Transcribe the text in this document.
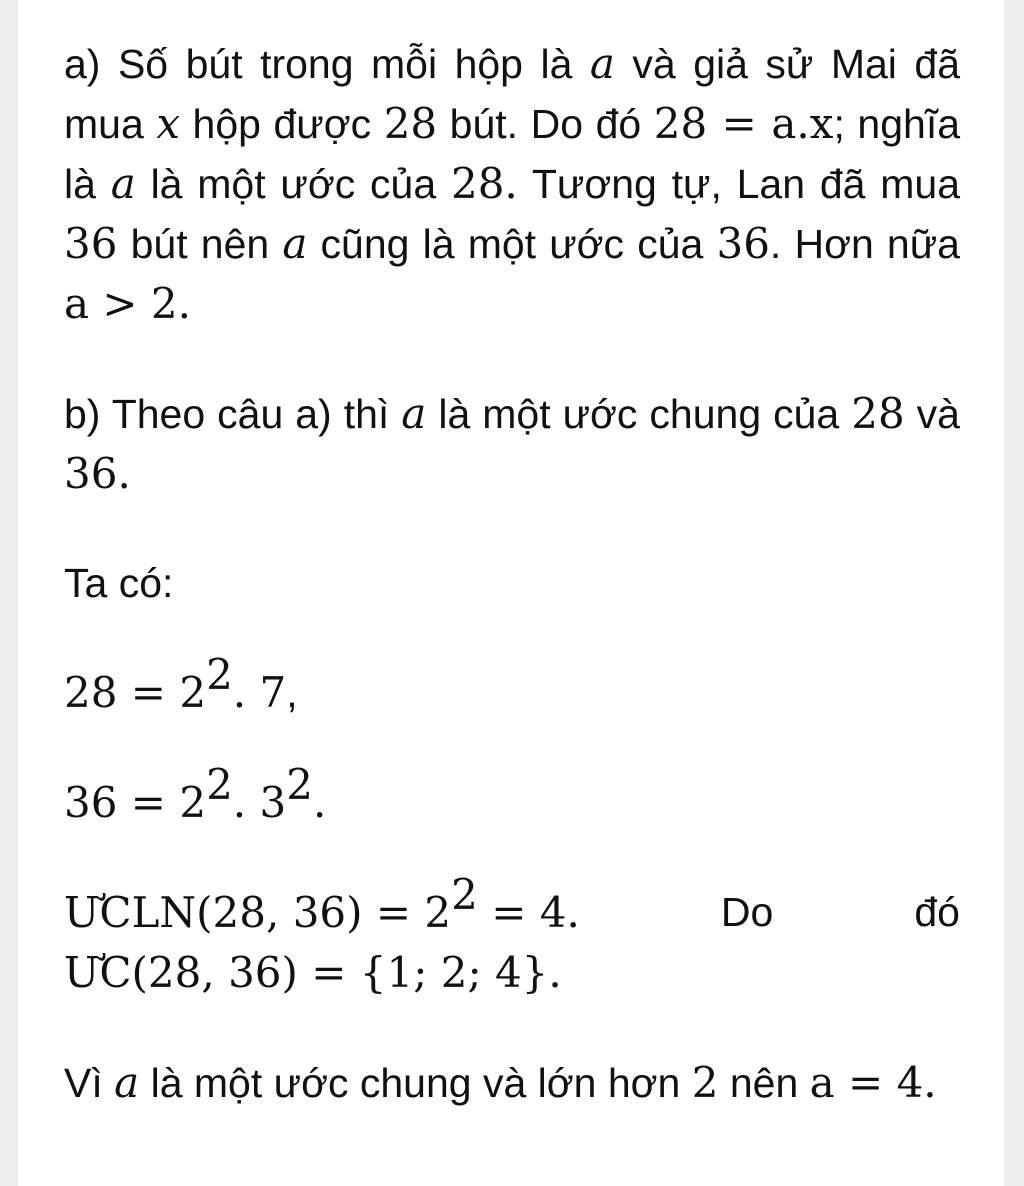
a) Số bút trong mỗi hộp là a và giả sử Mai đã mua x hộp được 28 bút. Do đó 28 = a.x; nghĩa là a là một ước của 28. Tương tự, Lan đã mua 36 bút nên a cũng là một ước của 36. Hơn nữa a > 2.

b) Theo câu a) thì a là một ước chung của 28 và 36.

Ta có:

$28 = 2^2$. 7,

$36 = 2^2$. $3^2$.

ƯCLN(28, $36) = 2^2 = 4$.	Do	đó
ƯC(28, 36) = {1; 2; 4}.

Vì a là một ước chung và lớn hơn 2 nên a = 4.
